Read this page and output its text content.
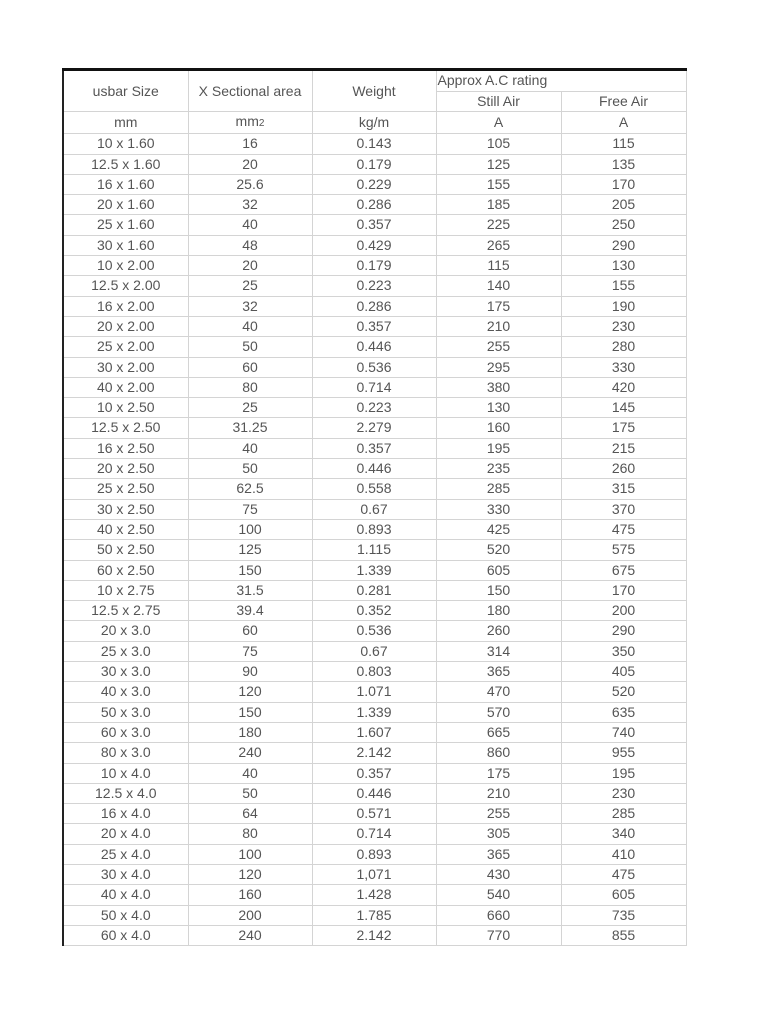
usbar Size	X Sectional area	Weight	Approx A.C rating	
			Still Air	Free Air
mm	mm2	kg/m	A	A
10 x 1.60	16	0.143	105	115
12.5 x 1.60	20	0.179	125	135
16 x 1.60	25.6	0.229	155	170
20 x 1.60	32	0.286	185	205
25 x 1.60	40	0.357	225	250
30 x 1.60	48	0.429	265	290
10 x 2.00	20	0.179	115	130
12.5 x 2.00	25	0.223	140	155
16 x 2.00	32	0.286	175	190
20 x 2.00	40	0.357	210	230
25 x 2.00	50	0.446	255	280
30 x 2.00	60	0.536	295	330
40 x 2.00	80	0.714	380	420
10 x 2.50	25	0.223	130	145
12.5 x 2.50	31.25	2.279	160	175
16 x 2.50	40	0.357	195	215
20 x 2.50	50	0.446	235	260
25 x 2.50	62.5	0.558	285	315
30 x 2.50	75	0.67	330	370
40 x 2.50	100	0.893	425	475
50 x 2.50	125	1.115	520	575
60 x 2.50	150	1.339	605	675
10 x 2.75	31.5	0.281	150	170
12.5 x 2.75	39.4	0.352	180	200
20 x 3.0	60	0.536	260	290
25 x 3.0	75	0.67	314	350
30 x 3.0	90	0.803	365	405
40 x 3.0	120	1.071	470	520
50 x 3.0	150	1.339	570	635
60 x 3.0	180	1.607	665	740
80 x 3.0	240	2.142	860	955
10 x 4.0	40	0.357	175	195
12.5 x 4.0	50	0.446	210	230
16 x 4.0	64	0.571	255	285
20 x 4.0	80	0.714	305	340
25 x 4.0	100	0.893	365	410
30 x 4.0	120	1,071	430	475
40 x 4.0	160	1.428	540	605
50 x 4.0	200	1.785	660	735
60 x 4.0	240	2.142	770	855
